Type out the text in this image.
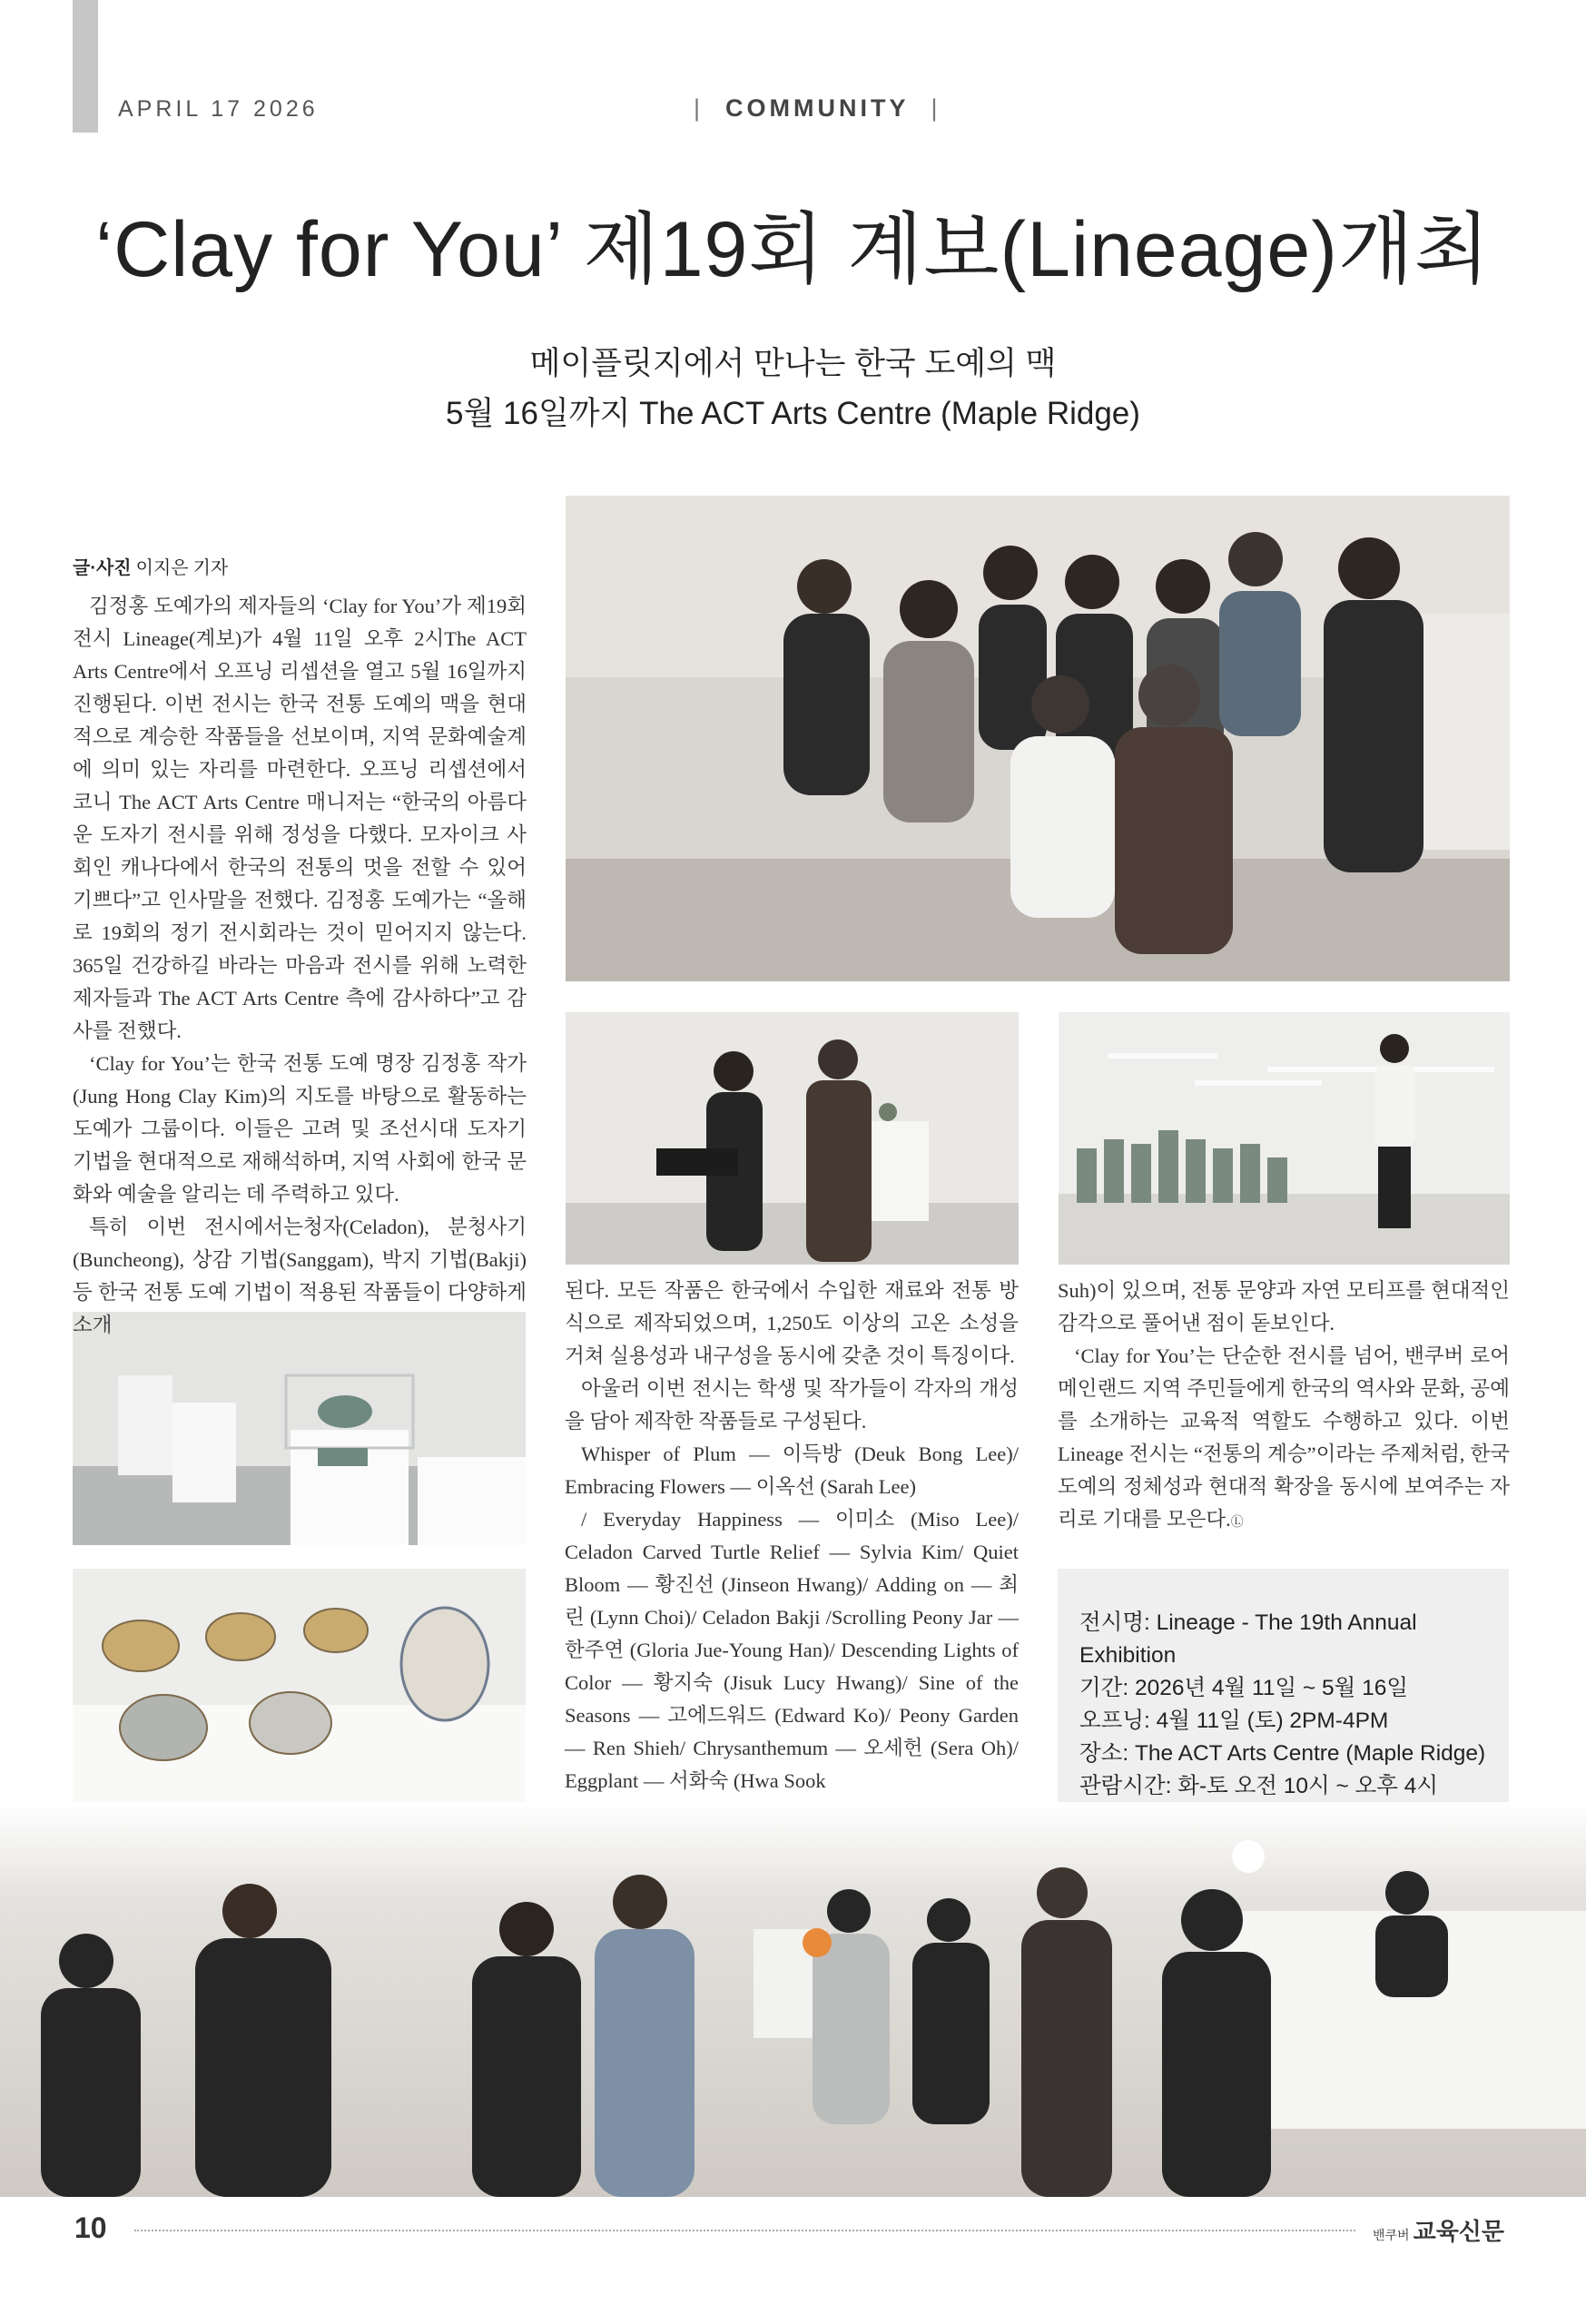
APRIL 17 2026	| COMMUNITY |
‘Clay for You’ 제19회 계보(Lineage)개최
메이플릿지에서 만나는 한국 도예의 맥
5월 16일까지 The ACT Arts Centre (Maple Ridge)
글·사진 이지은 기자

김정홍 도예가의 제자들의 ‘Clay for You’가 제19회 전시 Lineage(계보)가 4월 11일 오후 2시The ACT Arts Centre에서 오프닝 리셉션을 열고 5월 16일까지 진행된다. 이번 전시는 한국 전통 도예의 맥을 현대적으로 계승한 작품들을 선보이며, 지역 문화예술계에 의미 있는 자리를 마련한다. 오프닝 리셉션에서 코니 The ACT Arts Centre 매니저는 “한국의 아름다운 도자기 전시를 위해 정성을 다했다. 모자이크 사회인 캐나다에서 한국의 전통의 멋을 전할 수 있어 기쁘다”고 인사말을 전했다. 김정홍 도예가는 “올해로 19회의 정기 전시회라는 것이 믿어지지 않는다. 365일 건강하길 바라는 마음과 전시를 위해 노력한 제자들과 The ACT Arts Centre 측에 감사하다”고 감사를 전했다.

‘Clay for You’는 한국 전통 도예 명장 김정홍 작가(Jung Hong Clay Kim)의 지도를 바탕으로 활동하는 도예가 그룹이다. 이들은 고려 및 조선시대 도자기 기법을 현대적으로 재해석하며, 지역 사회에 한국 문화와 예술을 알리는 데 주력하고 있다.

특히 이번 전시에서는청자(Celadon), 분청사기(Buncheong), 상감 기법(Sanggam), 박지 기법(Bakji) 등 한국 전통 도예 기법이 적용된 작품들이 다양하게 소개

된다. 모든 작품은 한국에서 수입한 재료와 전통 방식으로 제작되었으며, 1,250도 이상의 고온 소성을 거쳐 실용성과 내구성을 동시에 갖춘 것이 특징이다.

아울러 이번 전시는 학생 및 작가들이 각자의 개성을 담아 제작한 작품들로 구성된다.

Whisper of Plum — 이득방 (Deuk Bong Lee)/ Embracing Flowers — 이옥선 (Sarah Lee)

/ Everyday Happiness — 이미소 (Miso Lee)/ Celadon Carved Turtle Relief — Sylvia Kim/ Quiet Bloom — 황진선 (Jinseon Hwang)/ Adding on — 최린 (Lynn Choi)/ Celadon Bakji /Scrolling Peony Jar — 한주연 (Gloria Jue-Young Han)/ Descending Lights of Color — 황지숙 (Jisuk Lucy Hwang)/ Sine of the Seasons — 고에드워드 (Edward Ko)/ Peony Garden — Ren Shieh/ Chrysanthemum — 오세헌 (Sera Oh)/ Eggplant — 서화숙 (Hwa Sook

Suh)이 있으며, 전통 문양과 자연 모티프를 현대적인 감각으로 풀어낸 점이 돋보인다.

‘Clay for You’는 단순한 전시를 넘어, 밴쿠버 로어 메인랜드 지역 주민들에게 한국의 역사와 문화, 공예를 소개하는 교육적 역할도 수행하고 있다. 이번 Lineage 전시는 “전통의 계승”이라는 주제처럼, 한국 도예의 정체성과 현대적 확장을 동시에 보여주는 자리로 기대를 모은다.Ⓛ

전시명: Lineage - The 19th Annual Exhibition
기간: 2026년 4월 11일 ~ 5월 16일
오프닝: 4월 11일 (토) 2PM-4PM
장소: The ACT Arts Centre (Maple Ridge)
관람시간: 화-토 오전 10시 ~ 오후 4시
10	밴쿠버 교육신문
